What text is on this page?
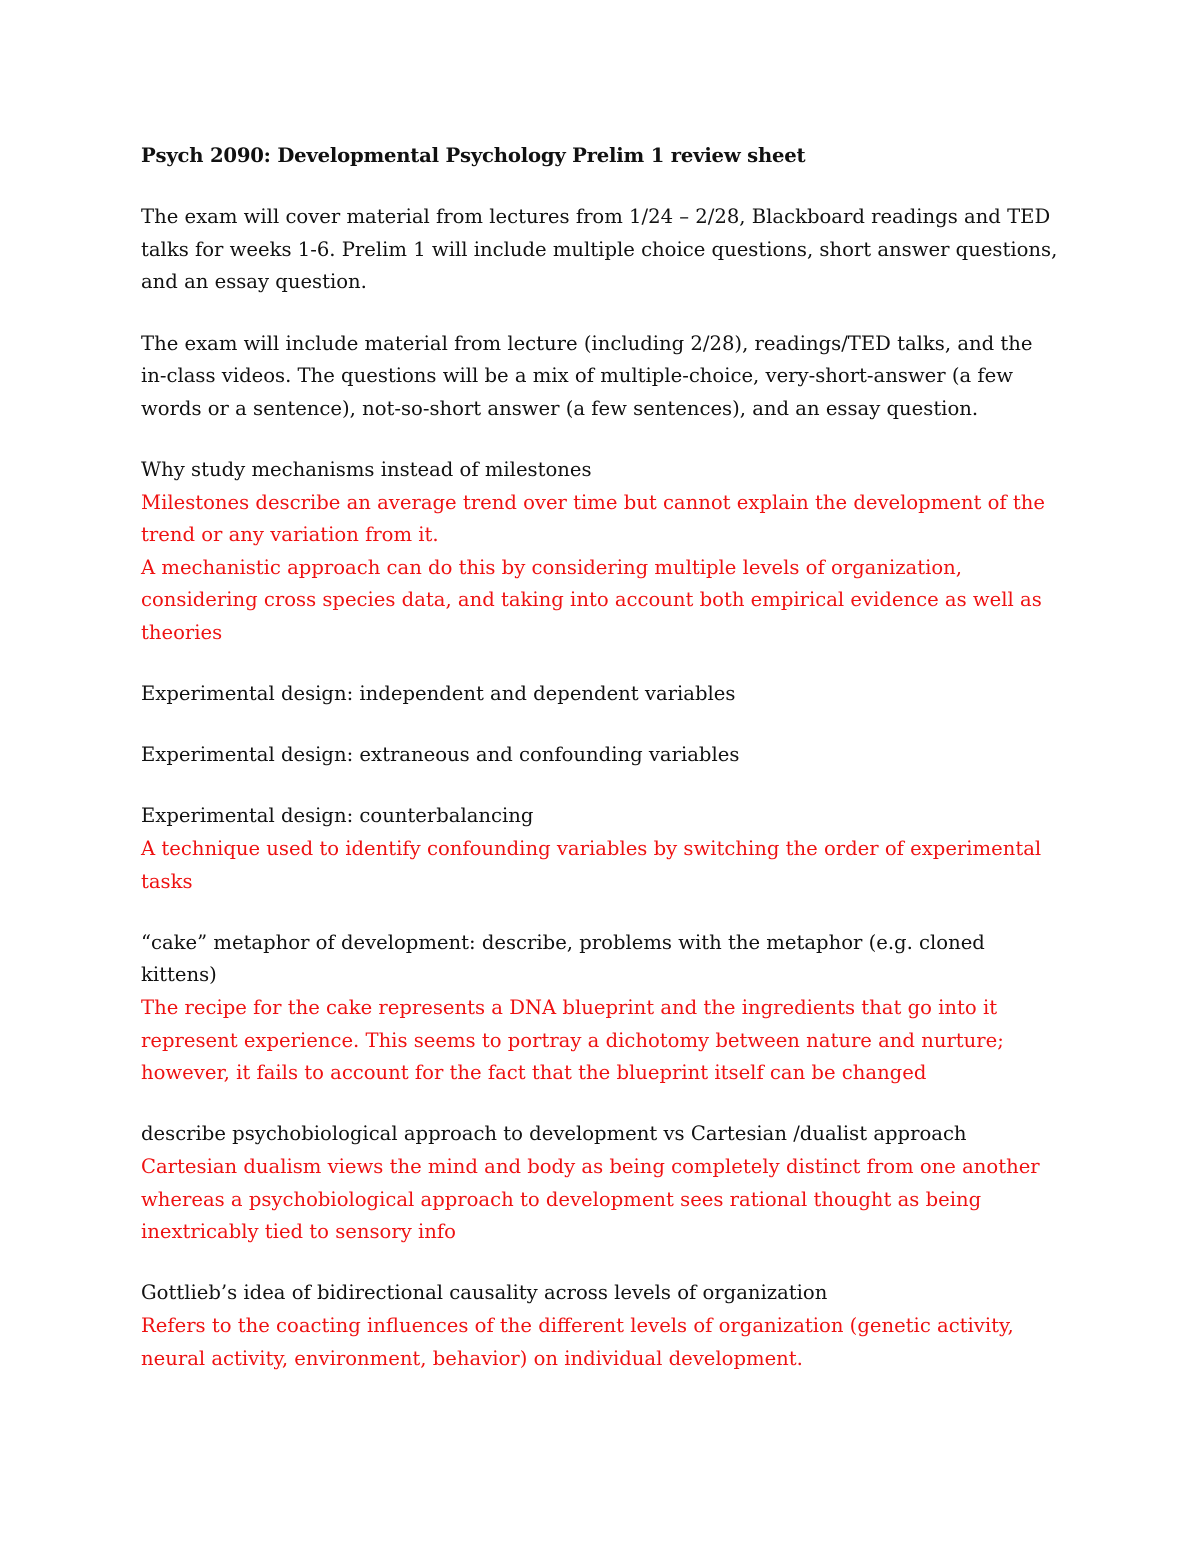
Psych 2090: Developmental Psychology Prelim 1 review sheet

The exam will cover material from lectures from 1/24 – 2/28, Blackboard readings and TED talks for weeks 1-6. Prelim 1 will include multiple choice questions, short answer questions, and an essay question.

The exam will include material from lecture (including 2/28), readings/TED talks, and the in-class videos. The questions will be a mix of multiple-choice, very-short-answer (a few words or a sentence), not-so-short answer (a few sentences), and an essay question.

Why study mechanisms instead of milestones

Milestones describe an average trend over time but cannot explain the development of the trend or any variation from it.

A mechanistic approach can do this by considering multiple levels of organization, considering cross species data, and taking into account both empirical evidence as well as theories

Experimental design: independent and dependent variables

Experimental design: extraneous and confounding variables

Experimental design: counterbalancing

A technique used to identify confounding variables by switching the order of experimental tasks

“cake” metaphor of development: describe, problems with the metaphor (e.g. cloned kittens)

The recipe for the cake represents a DNA blueprint and the ingredients that go into it represent experience. This seems to portray a dichotomy between nature and nurture; however, it fails to account for the fact that the blueprint itself can be changed

describe psychobiological approach to development vs Cartesian /dualist approach

Cartesian dualism views the mind and body as being completely distinct from one another whereas a psychobiological approach to development sees rational thought as being inextricably tied to sensory info

Gottlieb’s idea of bidirectional causality across levels of organization

Refers to the coacting influences of the different levels of organization (genetic activity, neural activity, environment, behavior) on individual development.
